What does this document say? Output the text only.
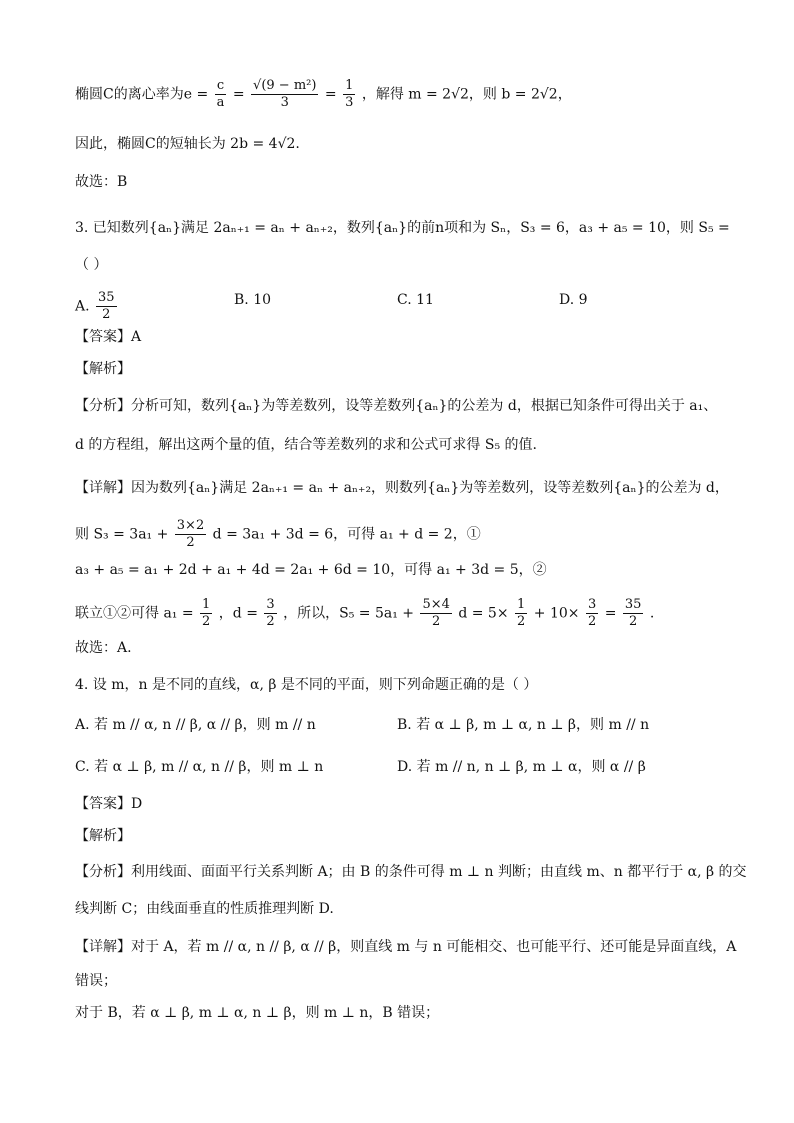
椭圆C的离心率为$e = \frac{c}{a} = \frac{\text{√(9 − m²)}}{3} = \frac{1}{3}$ ，解得 m = 2√2，则 b = 2√2，
因此，椭圆C的短轴长为 2b = 4√2.
故选：B
3. 已知数列{aₙ}满足 2aₙ₊₁ = aₙ + aₙ₊₂，数列{aₙ}的前n项和为 Sₙ，S₃ = 6，a₃ + a₅ = 10，则 S₅ =
（ ）
A. $\frac{35}{2}$	B. 10	C. 11	D. 9
【答案】A
【解析】
【分析】分析可知，数列{aₙ}为等差数列，设等差数列{aₙ}的公差为 d，根据已知条件可得出关于 a₁、
d 的方程组，解出这两个量的值，结合等差数列的求和公式可求得 S₅ 的值.
【详解】因为数列{aₙ}满足 2aₙ₊₁ = aₙ + aₙ₊₂，则数列{aₙ}为等差数列，设等差数列{aₙ}的公差为 d，
则 $S_3 = 3a_1 + \frac{3\times 2}{2}$ d = 3a₁ + 3d = 6，可得 a₁ + d = 2，①
a₃ + a₅ = a₁ + 2d + a₁ + 4d = 2a₁ + 6d = 10，可得 a₁ + 3d = 5，②
联立①②可得 $a_1 = \frac{1}{2}$ ，$d = \frac{3}{2}$ ，所以，$S_5 = 5a_1 + \frac{5\times 4}{2}$ $d = 5\times \frac{1}{2} + 10\times \frac{3}{2} = \frac{35}{2}$ .
故选：A.
4. 设 m，n 是不同的直线，α, β 是不同的平面，则下列命题正确的是（ ）
A. 若 m // α, n // β, α // β，则 m // n	B. 若 α ⊥ β, m ⊥ α, n ⊥ β，则 m // n
C. 若 α ⊥ β, m // α, n // β，则 m ⊥ n	D. 若 m // n, n ⊥ β, m ⊥ α，则 α // β
【答案】D
【解析】
【分析】利用线面、面面平行关系判断 A；由 B 的条件可得 m ⊥ n 判断；由直线 m、n 都平行于 α, β 的交
线判断 C；由线面垂直的性质推理判断 D.
【详解】对于 A，若 m // α, n // β, α // β，则直线 m 与 n 可能相交、也可能平行、还可能是异面直线，A
错误；
对于 B，若 α ⊥ β, m ⊥ α, n ⊥ β，则 m ⊥ n，B 错误；
